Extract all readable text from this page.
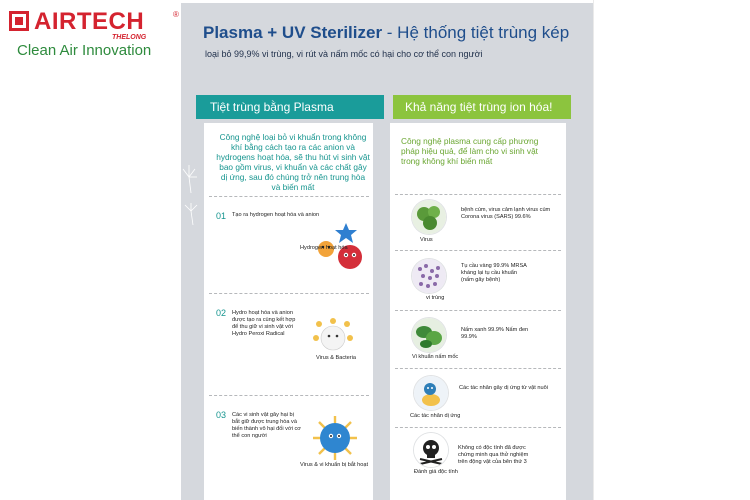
AIRTECH	®
THELONG
Clean Air Innovation
Plasma + UV Sterilizer - Hệ thống tiệt trùng kép
loại bỏ 99,9% vi trùng, vi rút và nấm mốc có hại cho cơ thể con người
Tiệt trùng bằng Plasma	Khả năng tiệt trùng ion hóa!
Công nghệ loại bỏ vi khuẩn trong không khí bằng cách tạo ra các anion và hydrogens hoạt hóa, sẽ thu hút vi sinh vật bao gồm virus, vi khuẩn và các chất gây dị ứng, sau đó chúng trở nên trung hòa và biến mất
01 Tạo ra hydrogen hoạt hóa và anion
Hydrogen hoạt hóa
02 Hydro hoạt hóa và anion được tạo ra cùng kết hợp để thu giữ vi sinh vật với Hydro Peroxi Radical
Virus & Bacteria
03 Các vi sinh vật gây hại bị bắt giữ được trung hòa và biến thành vô hại đối với cơ thể con người
Virus & vi khuẩn bị bắt hoạt
Công nghệ plasma cung cấp phương pháp hiệu quả, để làm cho vi sinh vật trong không khí biến mất
Virus
bệnh cúm, virus cảm lạnh virus cúm Corona virus (SARS) 99.6%
vi trùng
Tụ cầu vàng 99.9% MRSA kháng lại tụ cầu khuẩn (nấm gây bệnh)
Vi khuẩn nấm mốc
Nấm xanh 99.9% Nấm đen 99.9%
Các tác nhân dị ứng
Các tác nhân gây dị ứng từ vật nuôi
Đánh giá độc tính
Không có độc tính đã được chứng minh qua thử nghiệm trên động vật của bên thứ 3
